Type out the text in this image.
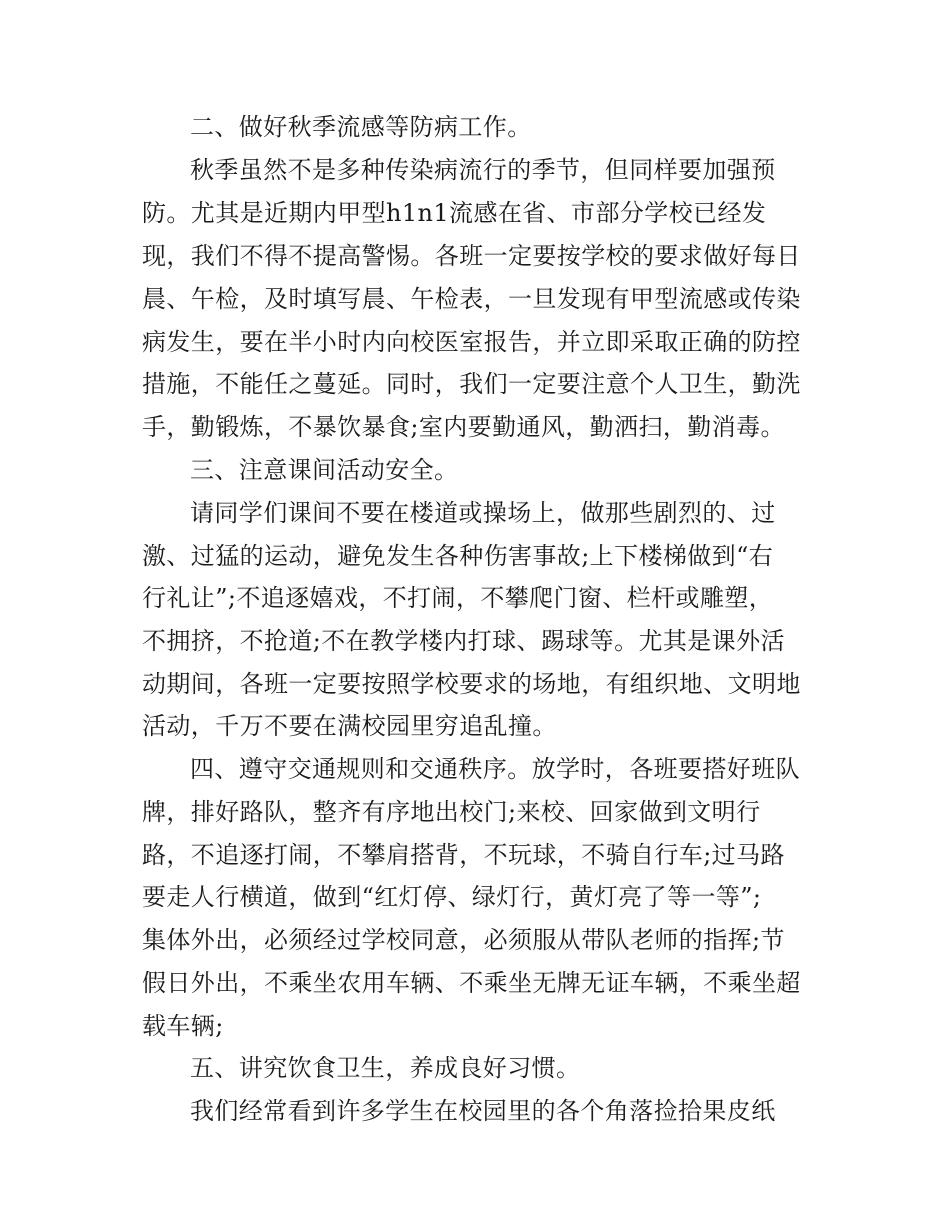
二、做好秋季流感等防病工作。
秋季虽然不是多种传染病流行的季节，但同样要加强预
防。尤其是近期内甲型h1n1流感在省、市部分学校已经发
现，我们不得不提高警惕。各班一定要按学校的要求做好每日
晨、午检，及时填写晨、午检表，一旦发现有甲型流感或传染
病发生，要在半小时内向校医室报告，并立即采取正确的防控
措施，不能任之蔓延。同时，我们一定要注意个人卫生，勤洗
手，勤锻炼，不暴饮暴食;室内要勤通风，勤洒扫，勤消毒。
三、注意课间活动安全。
请同学们课间不要在楼道或操场上，做那些剧烈的、过
激、过猛的运动，避免发生各种伤害事故;上下楼梯做到“右
行礼让”;不追逐嬉戏，不打闹，不攀爬门窗、栏杆或雕塑，
不拥挤，不抢道;不在教学楼内打球、踢球等。尤其是课外活
动期间，各班一定要按照学校要求的场地，有组织地、文明地
活动，千万不要在满校园里穷追乱撞。
四、遵守交通规则和交通秩序。放学时，各班要搭好班队
牌，排好路队，整齐有序地出校门;来校、回家做到文明行
路，不追逐打闹，不攀肩搭背，不玩球，不骑自行车;过马路
要走人行横道，做到“红灯停、绿灯行，黄灯亮了等一等”;
集体外出，必须经过学校同意，必须服从带队老师的指挥;节
假日外出，不乘坐农用车辆、不乘坐无牌无证车辆，不乘坐超
载车辆;
五、讲究饮食卫生，养成良好习惯。
我们经常看到许多学生在校园里的各个角落捡拾果皮纸
